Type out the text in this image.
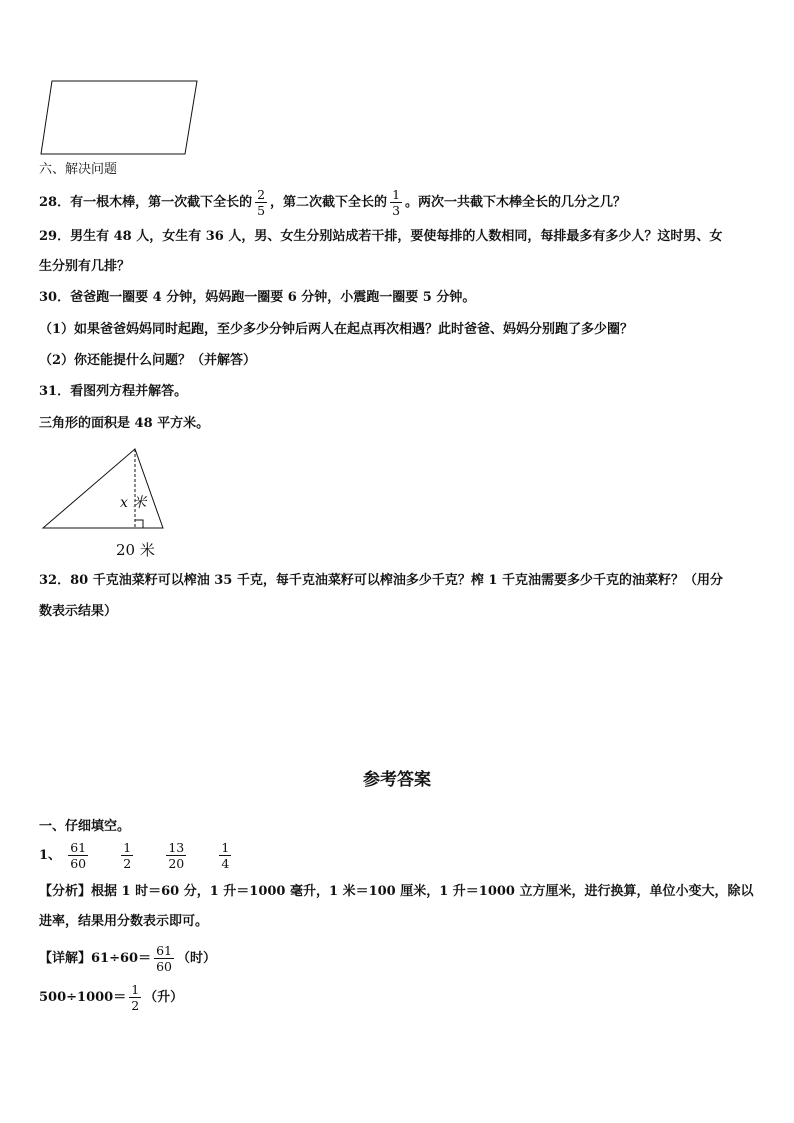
六、解决问题
28．有一根木棒，第一次截下全长的 $\frac{2}{5}$ ，第二次截下全长的 $\frac{1}{3}$ 。两次一共截下木棒全长的几分之几？
29．男生有 48 人，女生有 36 人，男、女生分别站成若干排，要使每排的人数相同，每排最多有多少人？这时男、女
生分别有几排？
30．爸爸跑一圈要 4 分钟，妈妈跑一圈要 6 分钟，小震跑一圈要 5 分钟。
（1）如果爸爸妈妈同时起跑，至少多少分钟后两人在起点再次相遇？此时爸爸、妈妈分别跑了多少圈？
（2）你还能提什么问题？（并解答）
31．看图列方程并解答。
三角形的面积是 48 平方米。
x 米
20 米
32．80 千克油菜籽可以榨油 35 千克，每千克油菜籽可以榨油多少千克？榨 1 千克油需要多少千克的油菜籽？（用分
数表示结果）
参考答案
一、仔细填空。
1、 $\frac{61}{60}$
	$\frac{1}{2}$
	$\frac{13}{20}$
	$\frac{1}{4}$
【分析】根据 1 时＝60 分，1 升＝1000 毫升，1 米＝100 厘米，1 升＝1000 立方厘米，进行换算，单位小变大，除以
进率，结果用分数表示即可。
【详解】$61\div 60= \frac{61}{60}$ （时）
$500\div 1000= \frac{1}{2}$ （升）
